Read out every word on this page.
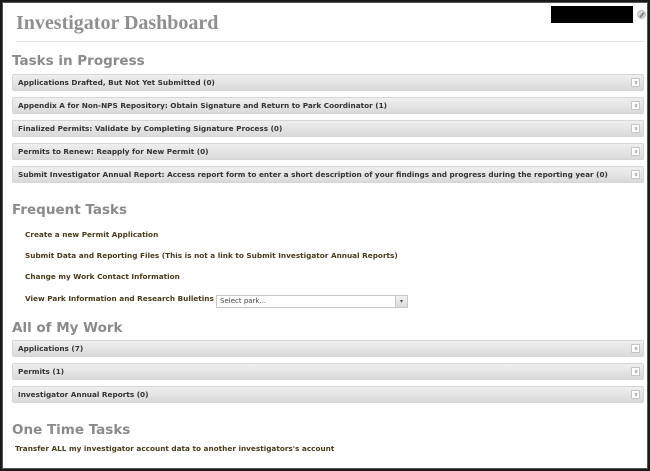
Investigator Dashboard
Tasks in Progress
Applications Drafted, But Not Yet Submitted (0)	»
Appendix A for Non-NPS Repository: Obtain Signature and Return to Park Coordinator (1)	»
Finalized Permits: Validate by Completing Signature Process (0)	»
Permits to Renew: Reapply for New Permit (0)	»
Submit Investigator Annual Report: Access report form to enter a short description of your findings and progress during the reporting year (0)	»
Frequent Tasks
Create a new Permit Application
Submit Data and Reporting Files (This is not a link to Submit Investigator Annual Reports)
Change my Work Contact Information
View Park Information and Research Bulletins Select park...	▾
All of My Work
Applications (7)	»
Permits (1)	»
Investigator Annual Reports (0)	»
One Time Tasks
Transfer ALL my investigator account data to another investigators's account
